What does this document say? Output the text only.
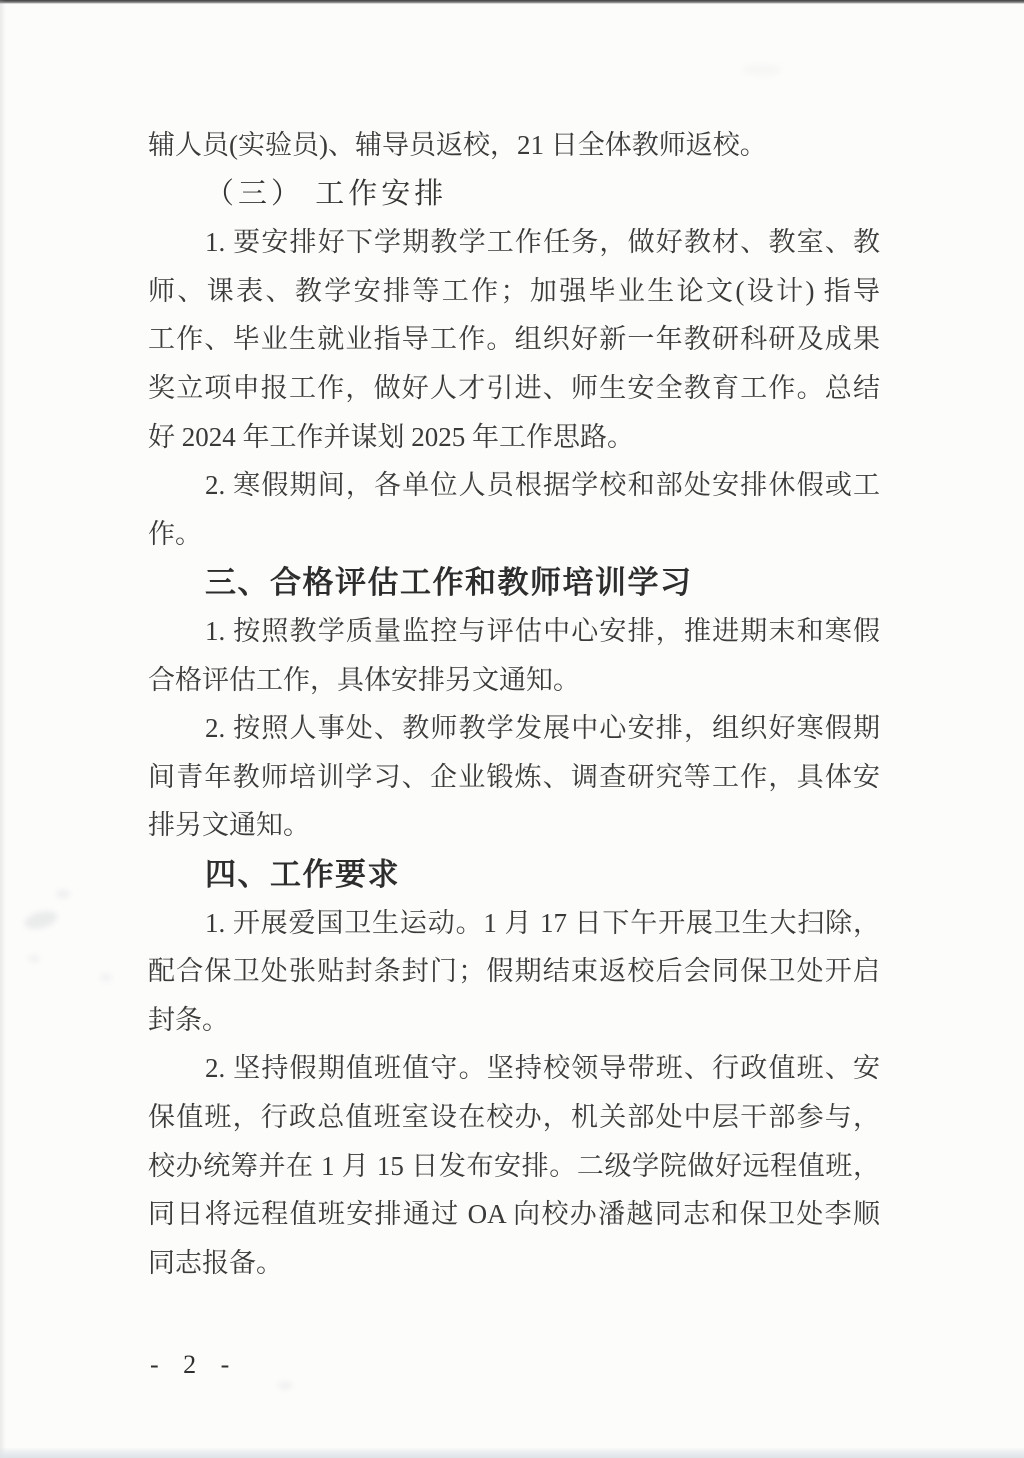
辅人员(实验员)、辅导员返校，21 日全体教师返校。
（三） 工作安排
1. 要安排好下学期教学工作任务，做好教材、教室、教
师、课表、教学安排等工作；加强毕业生论文(设计) 指导
工作、毕业生就业指导工作。组织好新一年教研科研及成果
奖立项申报工作，做好人才引进、师生安全教育工作。总结
好 2024 年工作并谋划 2025 年工作思路。
2. 寒假期间，各单位人员根据学校和部处安排休假或工
作。
三、合格评估工作和教师培训学习
1. 按照教学质量监控与评估中心安排，推进期末和寒假
合格评估工作，具体安排另文通知。
2. 按照人事处、教师教学发展中心安排，组织好寒假期
间青年教师培训学习、企业锻炼、调查研究等工作，具体安
排另文通知。
四、工作要求
1. 开展爱国卫生运动。1 月 17 日下午开展卫生大扫除，
配合保卫处张贴封条封门；假期结束返校后会同保卫处开启
封条。
2. 坚持假期值班值守。坚持校领导带班、行政值班、安
保值班，行政总值班室设在校办，机关部处中层干部参与，
校办统筹并在 1 月 15 日发布安排。二级学院做好远程值班，
同日将远程值班安排通过 OA 向校办潘越同志和保卫处李顺
同志报备。
- 2 -
